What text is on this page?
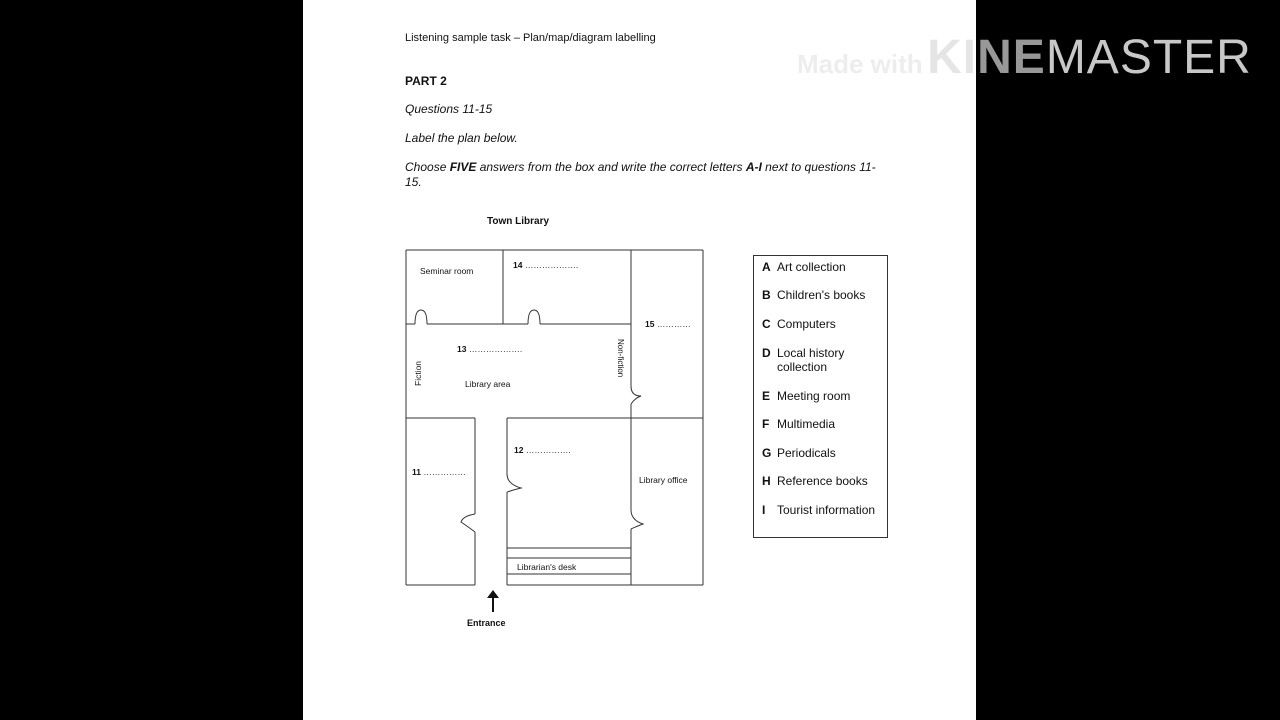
Listening sample task – Plan/map/diagram labelling
PART 2
Questions 11-15
Label the plan below.
Choose FIVE answers from the box and write the correct letters A-I next to questions 11-15.
Town Library
Seminar room
14 ……………….
15 …………
13 ……………….
Library area
Fiction	Non-fiction
12 …………….
11 ……………
Library office
Librarian's desk
Entrance
A Art collection
B Children's books
C Computers
D Local history collection
E Meeting room
F Multimedia
G Periodicals
H Reference books
I Tourist information
Made with KINEMASTER
